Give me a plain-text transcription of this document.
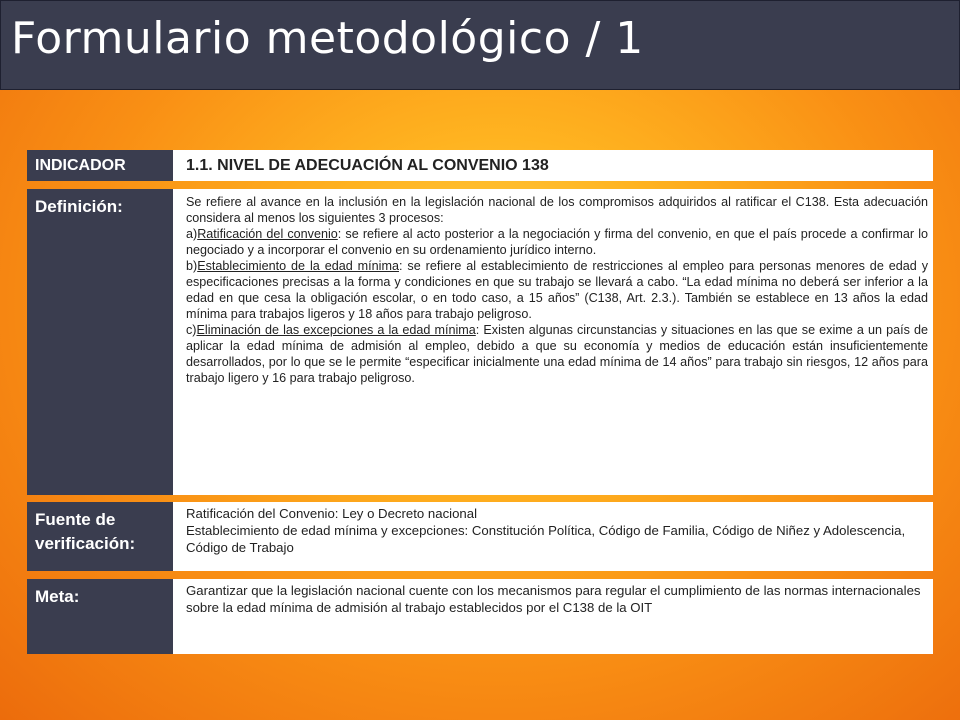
Formulario metodológico / 1
INDICADOR	1.1. NIVEL DE ADECUACIÓN AL CONVENIO 138
Definición:	Se refiere al avance en la inclusión en la legislación nacional de los compromisos adquiridos al ratificar el C138. Esta adecuación considera al menos los siguientes 3 procesos:

a)Ratificación del convenio: se refiere al acto posterior a la negociación y firma del convenio, en que el país procede a confirmar lo negociado y a incorporar el convenio en su ordenamiento jurídico interno.

b)Establecimiento de la edad mínima: se refiere al establecimiento de restricciones al empleo para personas menores de edad y especificaciones precisas a la forma y condiciones en que su trabajo se llevará a cabo. “La edad mínima no deberá ser inferior a la edad en que cesa la obligación escolar, o en todo caso, a 15 años” (C138, Art. 2.3.). También se establece en 13 años la edad mínima para trabajos ligeros y 18 años para trabajo peligroso.

c)Eliminación de las excepciones a la edad mínima: Existen algunas circunstancias y situaciones en las que se exime a un país de aplicar la edad mínima de admisión al empleo, debido a que su economía y medios de educación están insuficientemente desarrollados, por lo que se le permite “especificar inicialmente una edad mínima de 14 años” para trabajo sin riesgos, 12 años para trabajo ligero y 16 para trabajo peligroso.

Fuente de verificación:
Ratificación del Convenio: Ley o Decreto nacional
Establecimiento de edad mínima y excepciones: Constitución Política, Código de Familia, Código de Niñez y Adolescencia, Código de Trabajo
Meta:	Garantizar que la legislación nacional cuente con los mecanismos para regular el cumplimiento de las normas internacionales sobre la edad mínima de admisión al trabajo establecidos por el C138 de la OIT
